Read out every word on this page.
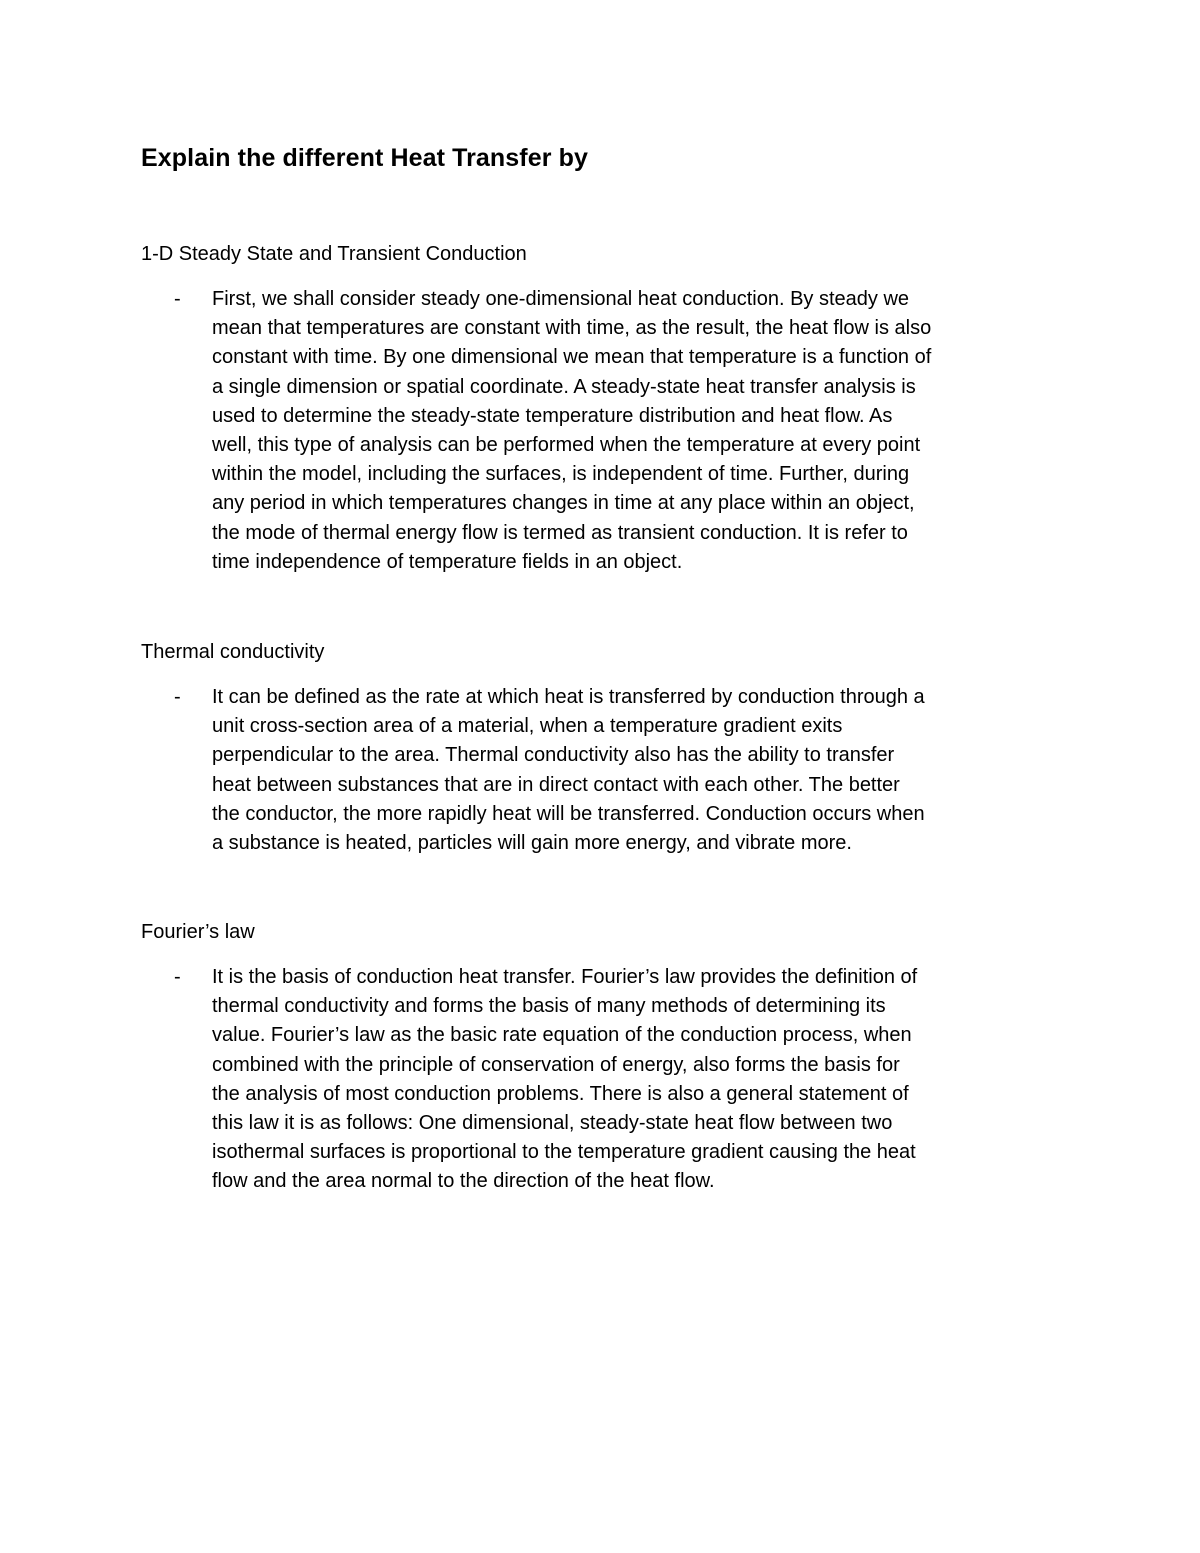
Explain the different Heat Transfer by
1-D Steady State and Transient Conduction
- First, we shall consider steady one-dimensional heat conduction. By steady we
mean that temperatures are constant with time, as the result, the heat flow is also
constant with time. By one dimensional we mean that temperature is a function of
a single dimension or spatial coordinate. A steady-state heat transfer analysis is
used to determine the steady-state temperature distribution and heat flow. As
well, this type of analysis can be performed when the temperature at every point
within the model, including the surfaces, is independent of time. Further, during
any period in which temperatures changes in time at any place within an object,
the mode of thermal energy flow is termed as transient conduction. It is refer to
time independence of temperature fields in an object.

Thermal conductivity
- It can be defined as the rate at which heat is transferred by conduction through a
unit cross-section area of a material, when a temperature gradient exits
perpendicular to the area. Thermal conductivity also has the ability to transfer
heat between substances that are in direct contact with each other. The better
the conductor, the more rapidly heat will be transferred. Conduction occurs when
a substance is heated, particles will gain more energy, and vibrate more.

Fourier’s law
- It is the basis of conduction heat transfer. Fourier’s law provides the definition of
thermal conductivity and forms the basis of many methods of determining its
value. Fourier’s law as the basic rate equation of the conduction process, when
combined with the principle of conservation of energy, also forms the basis for
the analysis of most conduction problems. There is also a general statement of
this law it is as follows: One dimensional, steady-state heat flow between two
isothermal surfaces is proportional to the temperature gradient causing the heat
flow and the area normal to the direction of the heat flow.
